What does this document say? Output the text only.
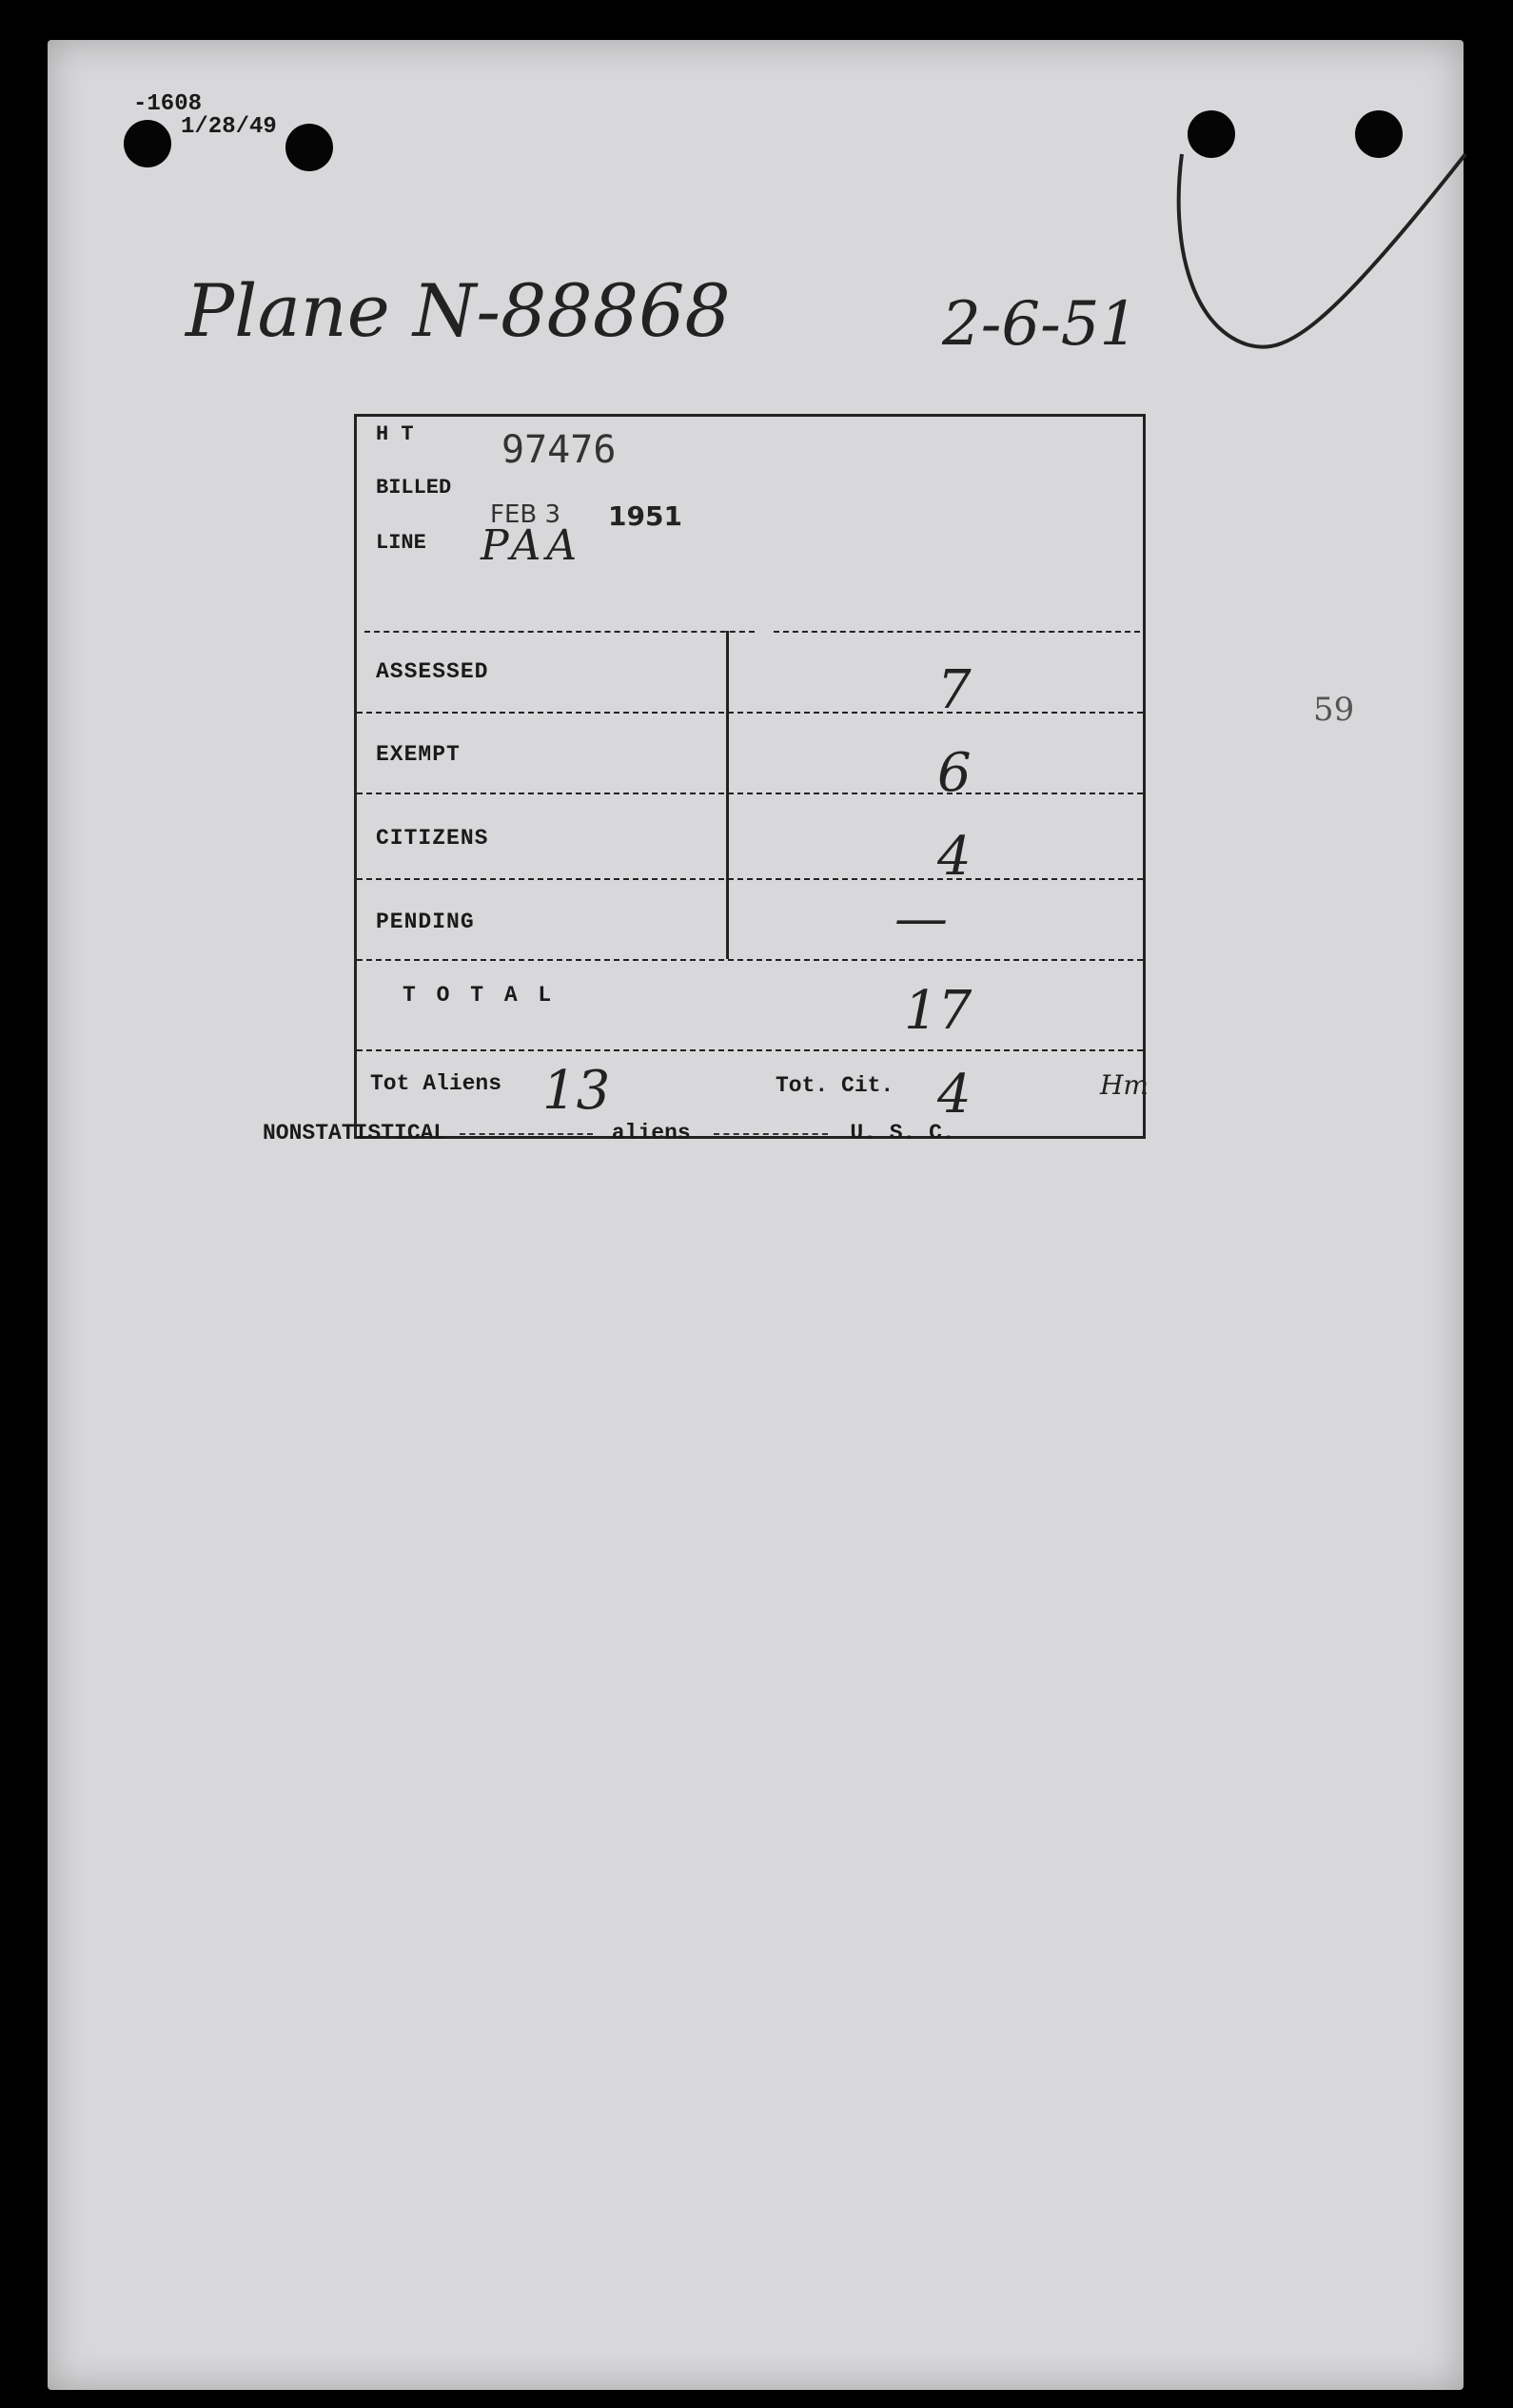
-1608
1/28/49
Plane N-88868	2-6-51
59
H T 97476
BILLED
FEB 3 1951
LINE PAA
ASSESSED	7
EXEMPT	6
CITIZENS	4
PENDING	—
T O T A L	17
Tot Aliens 13	Tot. Cit. 4	Hm
NONSTATISTICAL	aliens	U. S. C.
